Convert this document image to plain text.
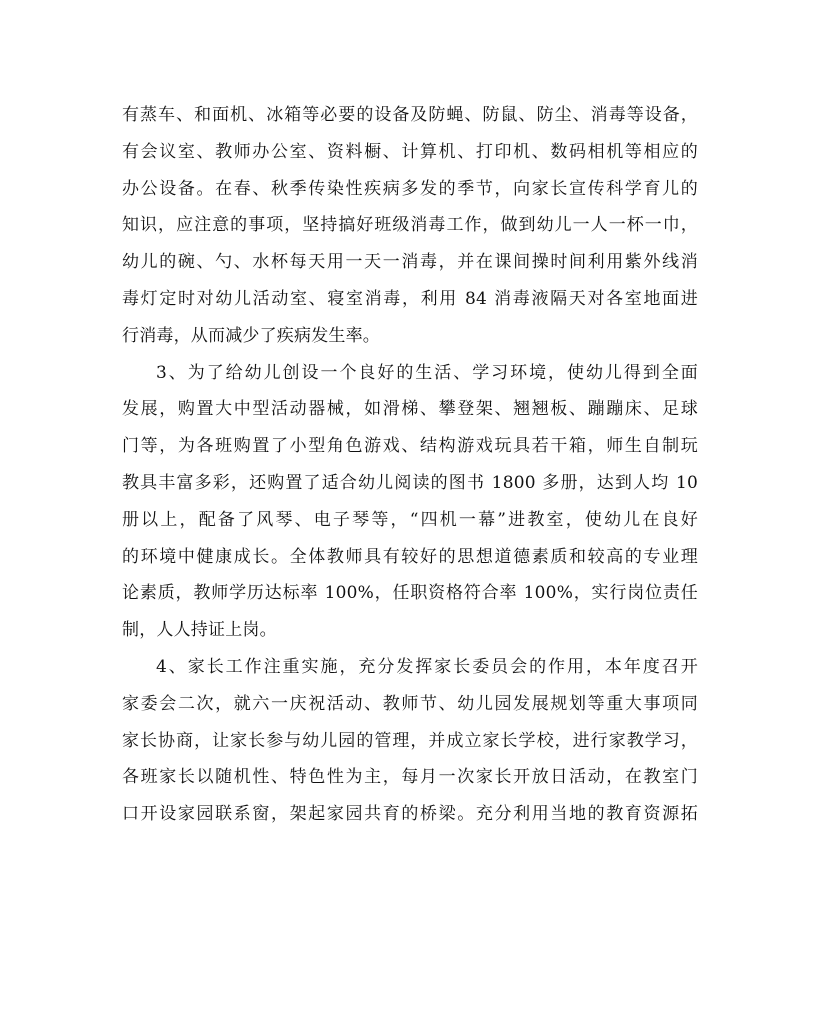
有蒸车、和面机、冰箱等必要的设备及防蝇、防鼠、防尘、消毒等设备，
有会议室、教师办公室、资料橱、计算机、打印机、数码相机等相应的
办公设备。在春、秋季传染性疾病多发的季节，向家长宣传科学育儿的
知识，应注意的事项，坚持搞好班级消毒工作，做到幼儿一人一杯一巾，
幼儿的碗、勺、水杯每天用一天一消毒，并在课间操时间利用紫外线消
毒灯定时对幼儿活动室、寝室消毒，利用 84 消毒液隔天对各室地面进
行消毒，从而减少了疾病发生率。
3、为了给幼儿创设一个良好的生活、学习环境，使幼儿得到全面
发展，购置大中型活动器械，如滑梯、攀登架、翘翘板、蹦蹦床、足球
门等，为各班购置了小型角色游戏、结构游戏玩具若干箱，师生自制玩
教具丰富多彩，还购置了适合幼儿阅读的图书 1800 多册，达到人均 10
册以上，配备了风琴、电子琴等，“四机一幕”进教室，使幼儿在良好
的环境中健康成长。全体教师具有较好的思想道德素质和较高的专业理
论素质，教师学历达标率 100%，任职资格符合率 100%，实行岗位责任
制，人人持证上岗。
4、家长工作注重实施，充分发挥家长委员会的作用，本年度召开
家委会二次，就六一庆祝活动、教师节、幼儿园发展规划等重大事项同
家长协商，让家长参与幼儿园的管理，并成立家长学校，进行家教学习，
各班家长以随机性、特色性为主，每月一次家长开放日活动，在教室门
口开设家园联系窗，架起家园共育的桥梁。充分利用当地的教育资源拓
